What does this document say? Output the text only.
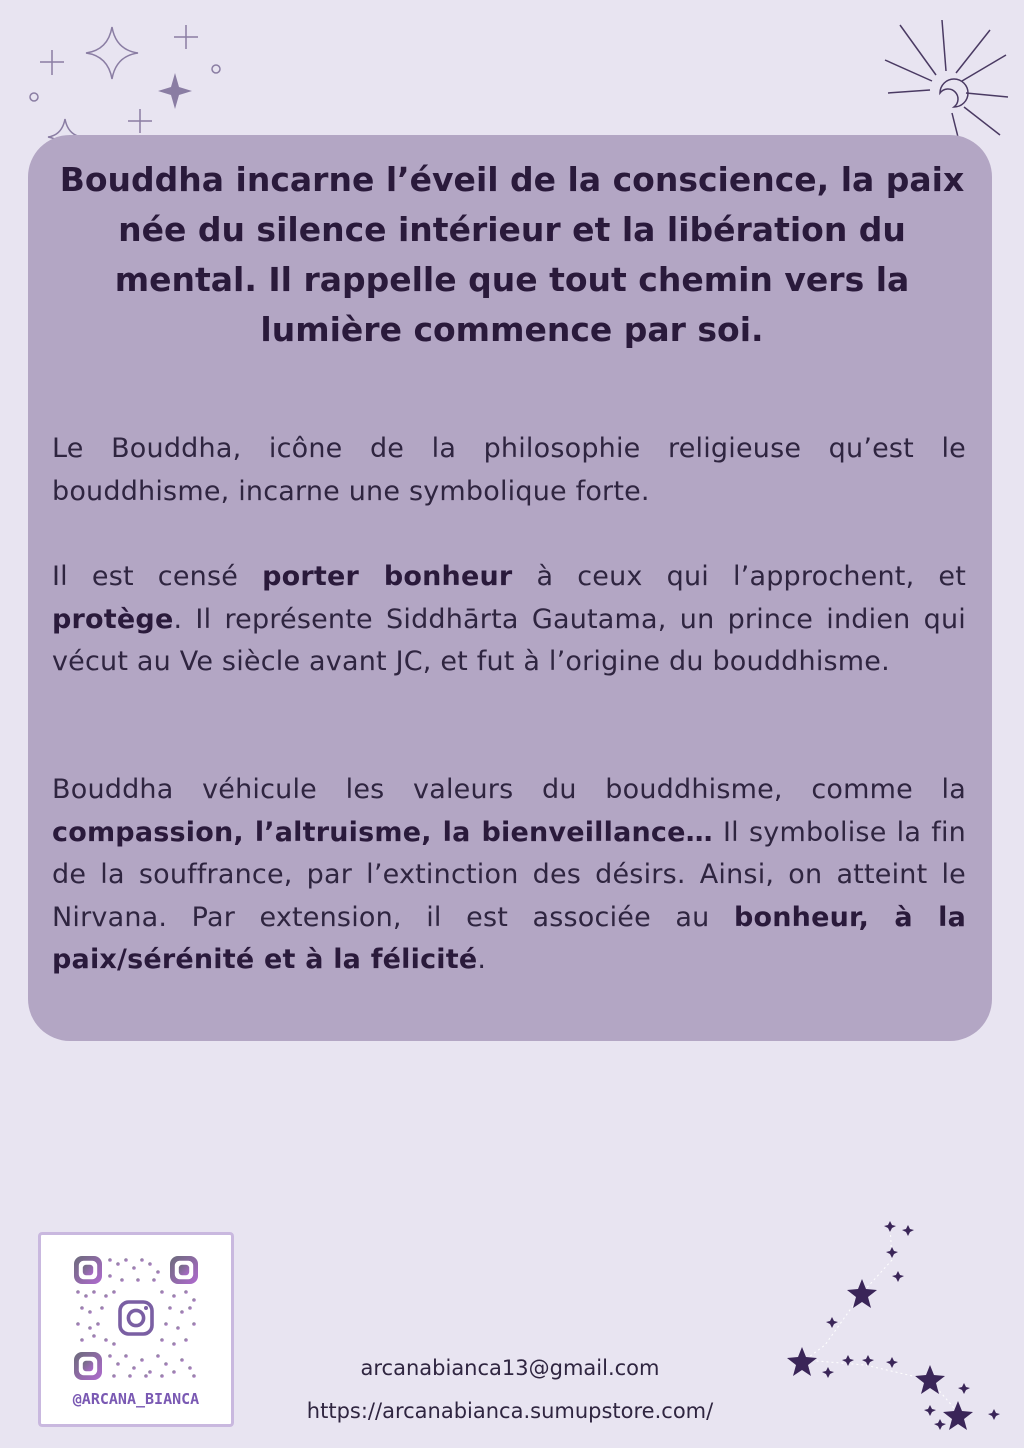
Bouddha incarne l’éveil de la conscience, la paix née du silence intérieur et la libération du mental. Il rappelle que tout chemin vers la lumière commence par soi.

Le Bouddha, icône de la philosophie religieuse qu’est le bouddhisme, incarne une symbolique forte.

Il est censé porter bonheur à ceux qui l’approchent, et protège. Il représente Siddhārta Gautama, un prince indien qui vécut au Ve siècle avant JC, et fut à l’origine du bouddhisme.

Bouddha véhicule les valeurs du bouddhisme, comme la compassion, l’altruisme, la bienveillance… Il symbolise la fin de la souffrance, par l’extinction des désirs. Ainsi, on atteint le Nirvana. Par extension, il est associée au bonheur, à la paix/sérénité et à la félicité.

@ARCANA_BIANCA
arcanabianca13@gmail.com
https://arcanabianca.sumupstore.com/
